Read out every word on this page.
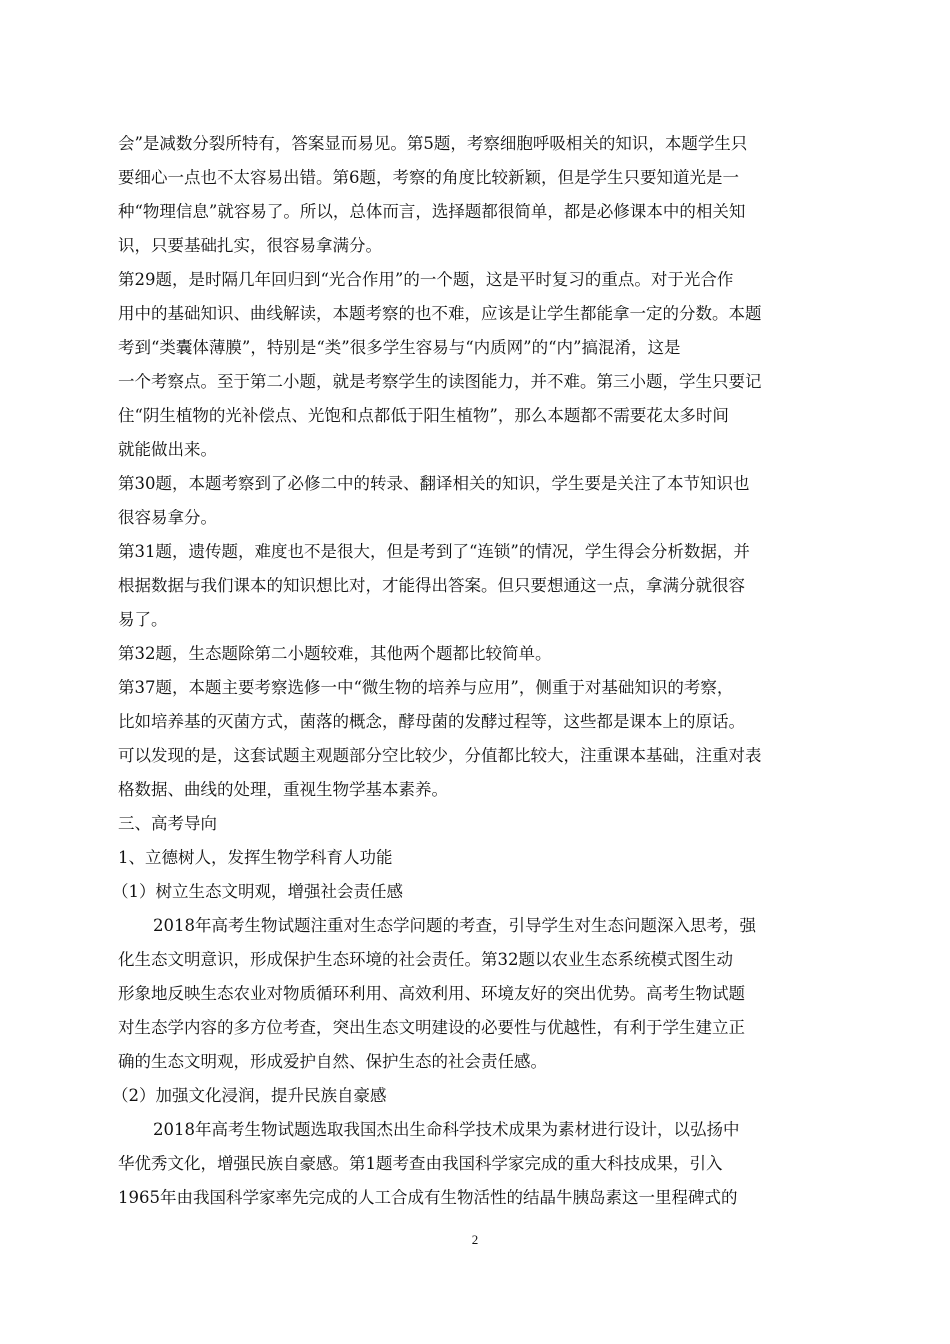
会”是减数分裂所特有，答案显而易见。第5题，考察细胞呼吸相关的知识，本题学生只
要细心一点也不太容易出错。第6题，考察的角度比较新颖，但是学生只要知道光是一
种“物理信息”就容易了。所以，总体而言，选择题都很简单，都是必修课本中的相关知
识，只要基础扎实，很容易拿满分。
第29题，是时隔几年回归到“光合作用”的一个题，这是平时复习的重点。对于光合作
用中的基础知识、曲线解读，本题考察的也不难，应该是让学生都能拿一定的分数。本题
考到“类囊体薄膜”，特别是“类”很多学生容易与“内质网”的“内”搞混淆，这是
一个考察点。至于第二小题，就是考察学生的读图能力，并不难。第三小题，学生只要记
住“阴生植物的光补偿点、光饱和点都低于阳生植物”，那么本题都不需要花太多时间
就能做出来。
第30题，本题考察到了必修二中的转录、翻译相关的知识，学生要是关注了本节知识也
很容易拿分。
第31题，遗传题，难度也不是很大，但是考到了“连锁”的情况，学生得会分析数据，并
根据数据与我们课本的知识想比对，才能得出答案。但只要想通这一点，拿满分就很容
易了。
第32题，生态题除第二小题较难，其他两个题都比较简单。
第37题，本题主要考察选修一中“微生物的培养与应用”，侧重于对基础知识的考察，
比如培养基的灭菌方式，菌落的概念，酵母菌的发酵过程等，这些都是课本上的原话。
可以发现的是，这套试题主观题部分空比较少，分值都比较大，注重课本基础，注重对表
格数据、曲线的处理，重视生物学基本素养。
三、高考导向
1、立德树人，发挥生物学科育人功能
（1）树立生态文明观，增强社会责任感
2018年高考生物试题注重对生态学问题的考查，引导学生对生态问题深入思考，强
化生态文明意识，形成保护生态环境的社会责任。第32题以农业生态系统模式图生动
形象地反映生态农业对物质循环利用、高效利用、环境友好的突出优势。高考生物试题
对生态学内容的多方位考查，突出生态文明建设的必要性与优越性，有利于学生建立正
确的生态文明观，形成爱护自然、保护生态的社会责任感。
（2）加强文化浸润，提升民族自豪感
2018年高考生物试题选取我国杰出生命科学技术成果为素材进行设计，以弘扬中
华优秀文化，增强民族自豪感。第1题考查由我国科学家完成的重大科技成果，引入
1965年由我国科学家率先完成的人工合成有生物活性的结晶牛胰岛素这一里程碑式的
2
